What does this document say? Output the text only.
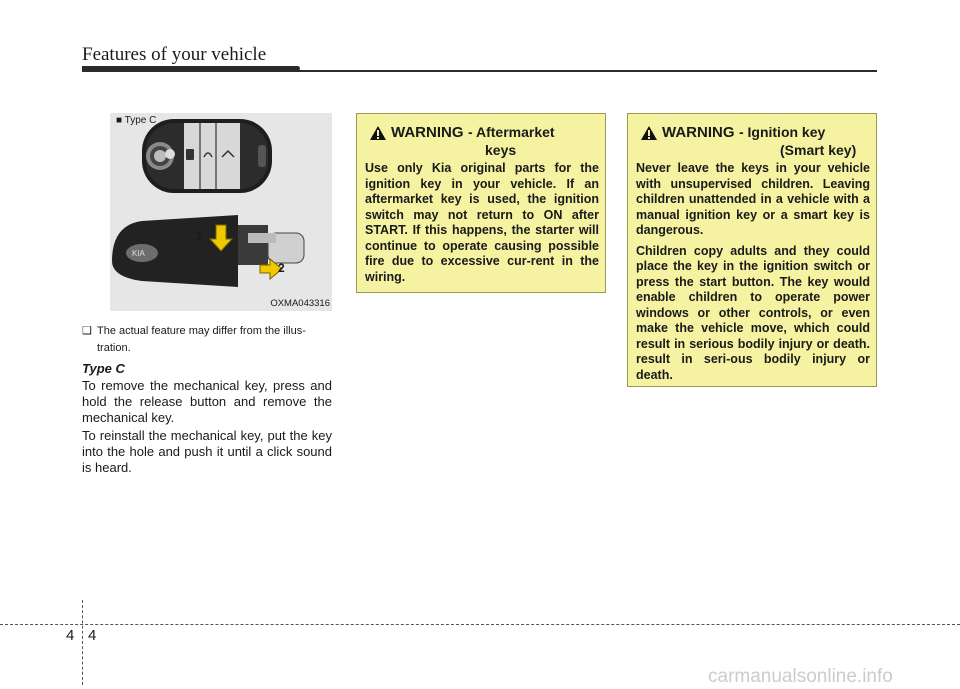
Features of your vehicle
KIA
■ Type C
1
2
OXMA043316
❑ The actual feature may differ from the illus-tration.
Type C
To remove the mechanical key, press and hold the release button and remove the mechanical key.
To reinstall the mechanical key, put the key into the hole and push it until a click sound is heard.
WARNING - Aftermarket
keys

Use only Kia original parts for the ignition key in your vehicle. If an aftermarket key is used, the ignition switch may not return to ON after START. If this happens, the starter will continue to operate causing possible fire due to excessive cur-rent in the wiring.

WARNING - Ignition key
(Smart key)

Never leave the keys in your vehicle with unsupervised children. Leaving children unattended in a vehicle with a manual ignition key or a smart key is dangerous.

Children copy adults and they could place the key in the ignition switch or press the start button. The key would enable children to operate power windows or other controls, or even make the vehicle move, which could result in serious bodily injury or death. result in seri-ous bodily injury or death.

4 4
carmanualsonline.info
